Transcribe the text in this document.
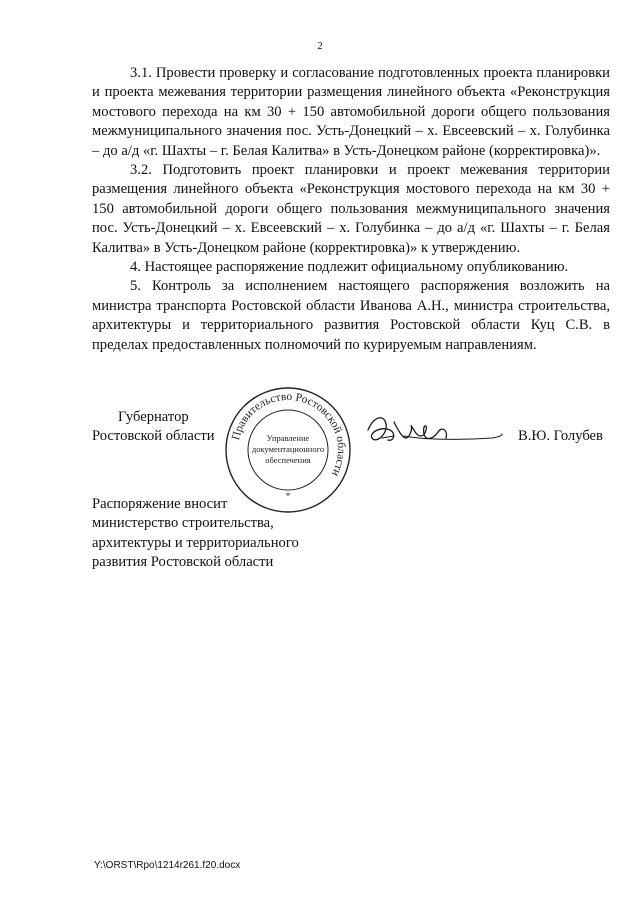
2

3.1. Провести проверку и согласование подготовленных проекта планировки и проекта межевания территории размещения линейного объекта «Реконструкция мостового перехода на км 30 + 150 автомобильной дороги общего пользования межмуниципального значения пос. Усть-Донецкий – х. Евсеевский – х. Голубинка – до а/д «г. Шахты – г. Белая Калитва» в Усть-Донецком районе (корректировка)».

3.2. Подготовить проект планировки и проект межевания территории размещения линейного объекта «Реконструкция мостового перехода на км 30 + 150 автомобильной дороги общего пользования межмуниципального значения пос. Усть-Донецкий – х. Евсеевский – х. Голубинка – до а/д «г. Шахты – г. Белая Калитва» в Усть-Донецком районе (корректировка)» к утверждению.

4. Настоящее распоряжение подлежит официальному опубликованию.

5. Контроль за исполнением настоящего распоряжения возложить на министра транспорта Ростовской области Иванова А.Н., министра строительства, архитектуры и территориального развития Ростовской области Куц С.В. в пределах предоставленных полномочий по курируемым направлениям.

Губернатор
Ростовской области Правительство Ростовской области
Управление
документационного
обеспечения
*
В.Ю. Голубев
Распоряжение вносит
министерство строительства,
архитектуры и территориального
развития Ростовской области
Y:\ORST\Rpo\1214r261.f20.docx
